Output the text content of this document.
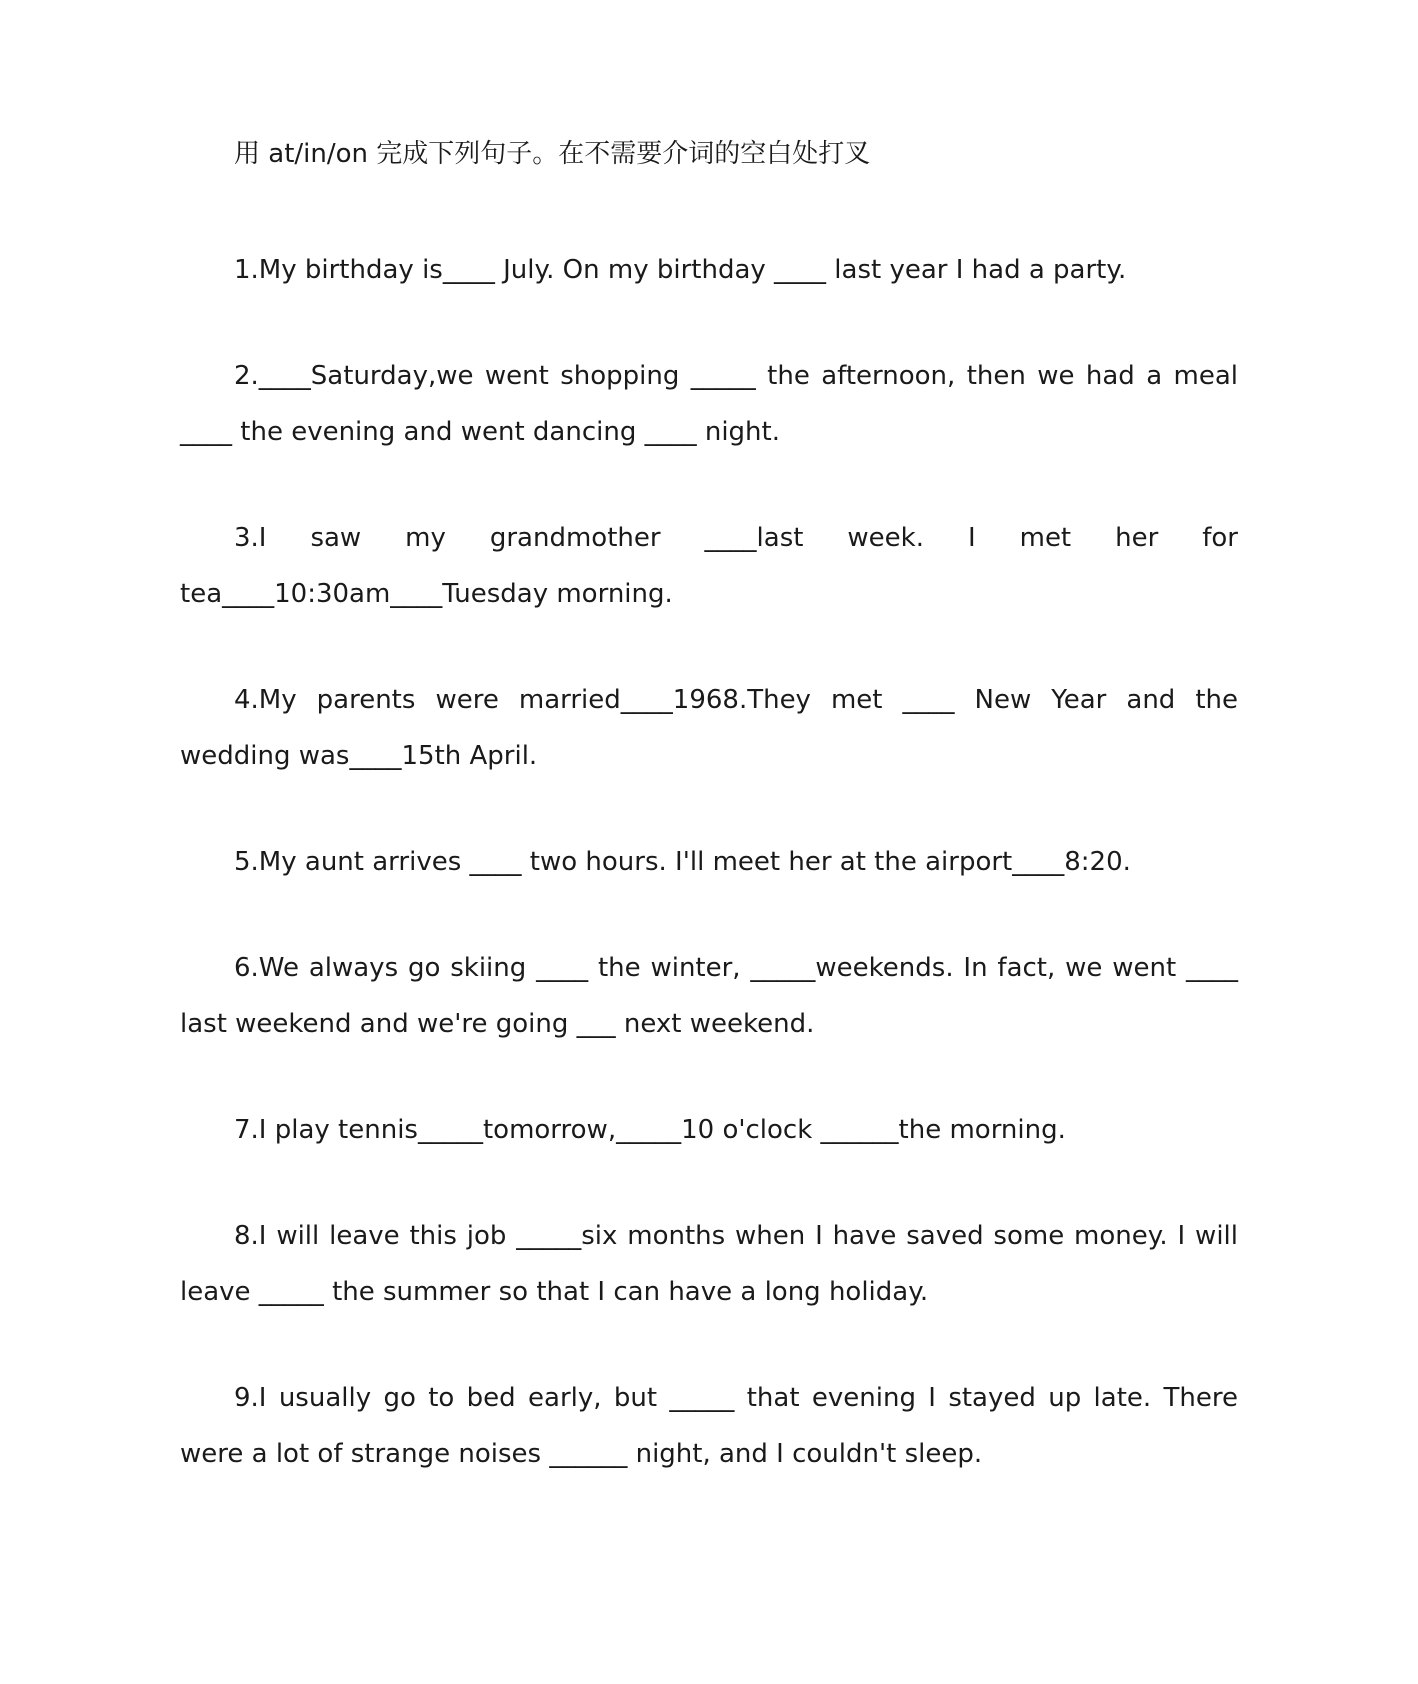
用 at/in/on 完成下列句子。在不需要介词的空白处打叉

1.My birthday is____ July. On my birthday ____ last year I had a party.

2.____Saturday,we went shopping _____ the afternoon, then we had a meal ____ the evening and went dancing ____ night.

3.I saw my grandmother ____last week. I met her for tea____10:30am____Tuesday morning.

4.My parents were married____1968.They met ____ New Year and the wedding was____15th April.

5.My aunt arrives ____ two hours. I'll meet her at the airport____8:20.

6.We always go skiing ____ the winter, _____weekends. In fact, we went ____ last weekend and we're going ___ next weekend.

7.I play tennis_____tomorrow,_____10 o'clock ______the morning.

8.I will leave this job _____six months when I have saved some money. I will leave _____ the summer so that I can have a long holiday.

9.I usually go to bed early, but _____ that evening I stayed up late. There were a lot of strange noises ______ night, and I couldn't sleep.
